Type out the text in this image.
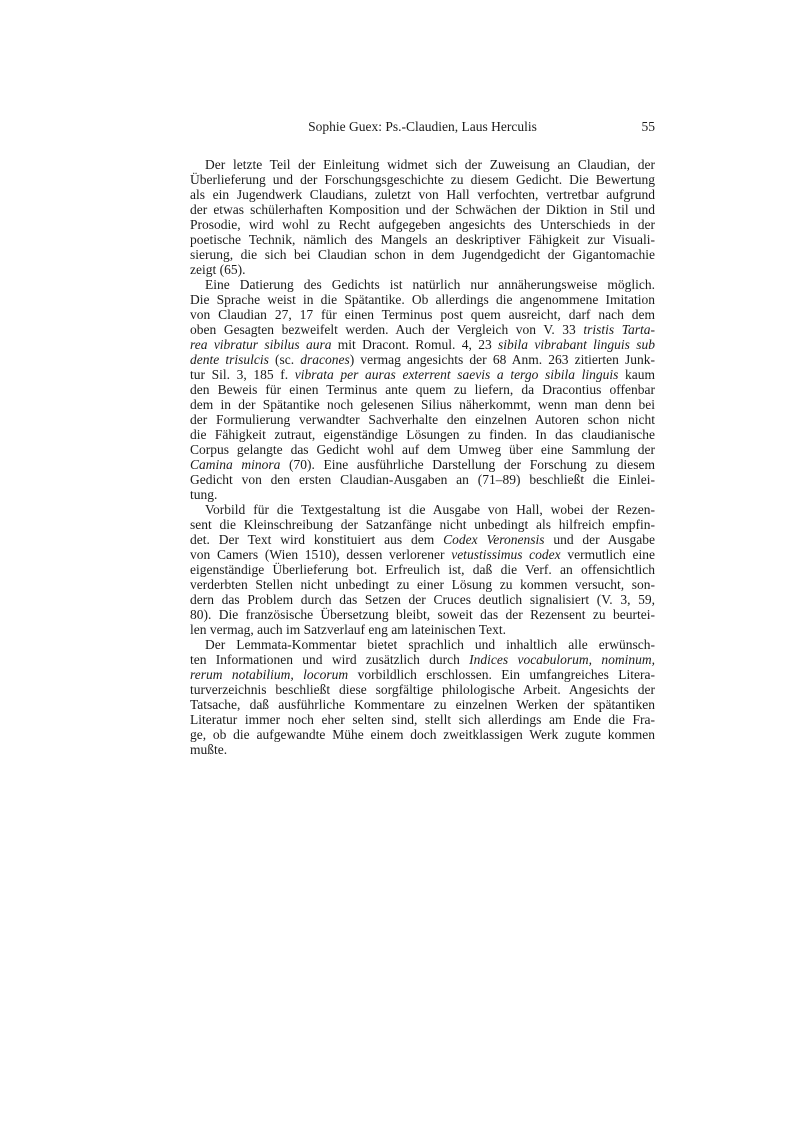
Sophie Guex: Ps.-Claudien, Laus Herculis	55
Der letzte Teil der Einleitung widmet sich der Zuweisung an Claudian, der
Überlieferung und der Forschungsgeschichte zu diesem Gedicht. Die Bewertung
als ein Jugendwerk Claudians, zuletzt von Hall verfochten, vertretbar aufgrund
der etwas schülerhaften Komposition und der Schwächen der Diktion in Stil und
Prosodie, wird wohl zu Recht aufgegeben angesichts des Unterschieds in der
poetische Technik, nämlich des Mangels an deskriptiver Fähigkeit zur Visuali-
sierung, die sich bei Claudian schon in dem Jugendgedicht der Gigantomachie
zeigt (65).
Eine Datierung des Gedichts ist natürlich nur annäherungsweise möglich.
Die Sprache weist in die Spätantike. Ob allerdings die angenommene Imitation
von Claudian 27, 17 für einen Terminus post quem ausreicht, darf nach dem
oben Gesagten bezweifelt werden. Auch der Vergleich von V. 33 tristis Tarta-
rea vibratur sibilus aura mit Dracont. Romul. 4, 23 sibila vibrabant linguis sub
dente trisulcis (sc. dracones) vermag angesichts der 68 Anm. 263 zitierten Junk-
tur Sil. 3, 185 f. vibrata per auras exterrent saevis a tergo sibila linguis kaum
den Beweis für einen Terminus ante quem zu liefern, da Dracontius offenbar
dem in der Spätantike noch gelesenen Silius näherkommt, wenn man denn bei
der Formulierung verwandter Sachverhalte den einzelnen Autoren schon nicht
die Fähigkeit zutraut, eigenständige Lösungen zu finden. In das claudianische
Corpus gelangte das Gedicht wohl auf dem Umweg über eine Sammlung der
Camina minora (70). Eine ausführliche Darstellung der Forschung zu diesem
Gedicht von den ersten Claudian-Ausgaben an (71–89) beschließt die Einlei-
tung.
Vorbild für die Textgestaltung ist die Ausgabe von Hall, wobei der Rezen-
sent die Kleinschreibung der Satzanfänge nicht unbedingt als hilfreich empfin-
det. Der Text wird konstituiert aus dem Codex Veronensis und der Ausgabe
von Camers (Wien 1510), dessen verlorener vetustissimus codex vermutlich eine
eigenständige Überlieferung bot. Erfreulich ist, daß die Verf. an offensichtlich
verderbten Stellen nicht unbedingt zu einer Lösung zu kommen versucht, son-
dern das Problem durch das Setzen der Cruces deutlich signalisiert (V. 3, 59,
80). Die französische Übersetzung bleibt, soweit das der Rezensent zu beurtei-
len vermag, auch im Satzverlauf eng am lateinischen Text.
Der Lemmata-Kommentar bietet sprachlich und inhaltlich alle erwünsch-
ten Informationen und wird zusätzlich durch Indices vocabulorum, nominum,
rerum notabilium, locorum vorbildlich erschlossen. Ein umfangreiches Litera-
turverzeichnis beschließt diese sorgfältige philologische Arbeit. Angesichts der
Tatsache, daß ausführliche Kommentare zu einzelnen Werken der spätantiken
Literatur immer noch eher selten sind, stellt sich allerdings am Ende die Fra-
ge, ob die aufgewandte Mühe einem doch zweitklassigen Werk zugute kommen
mußte.
